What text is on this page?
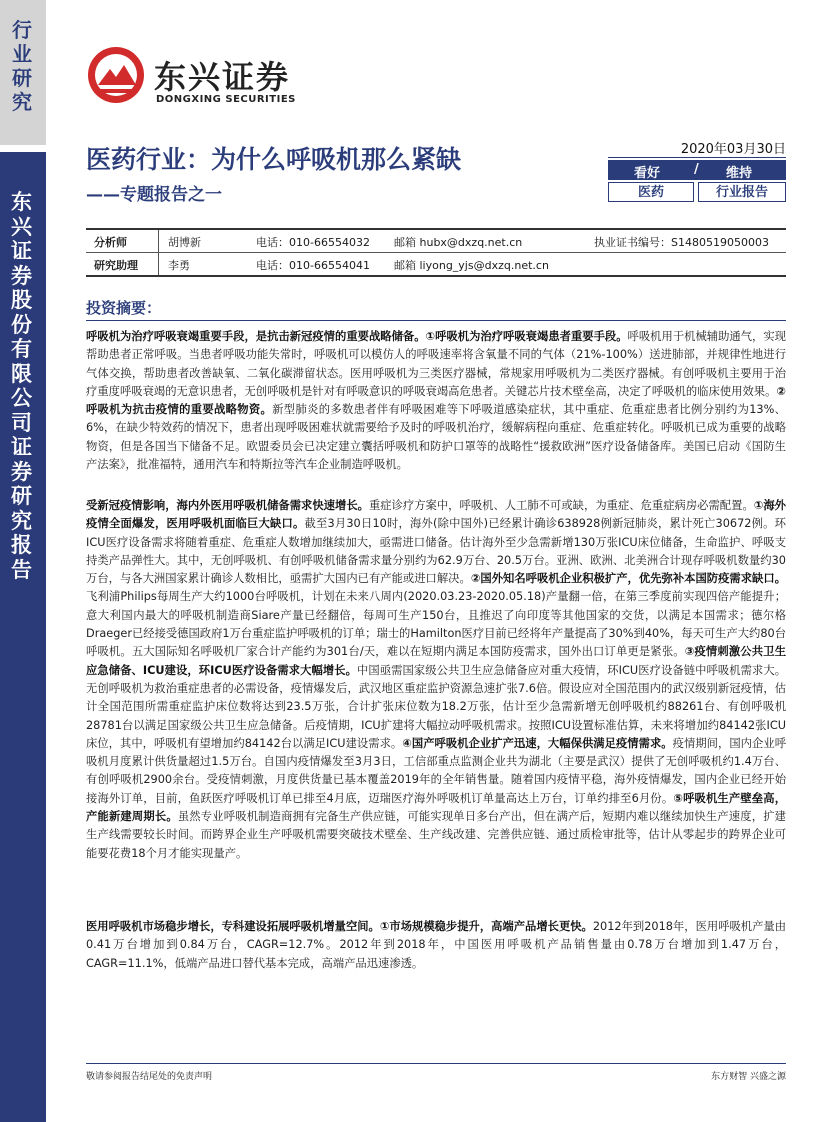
行业研究
东兴证券股份有限公司证券研究报告
东兴证券
DONGXING SECURITIES
医药行业：为什么呼吸机那么紧缺
——专题报告之一
2020年03月30日
看好	/ 维持
医药	行业报告
分析师	胡博新	电话：010-66554032 邮箱 hubx@dxzq.net.cn	执业证书编号：S1480519050003
研究助理	李勇	电话：010-66554041 邮箱 liyong_yjs@dxzq.net.cn
投资摘要：
呼吸机为治疗呼吸衰竭重要手段，是抗击新冠疫情的重要战略储备。①呼吸机为治疗呼吸衰竭患者重要手段。呼吸机用于机械辅助通气，实现帮助患者正常呼吸。当患者呼吸功能失常时，呼吸机可以模仿人的呼吸速率将含氧量不同的气体（21%-100%）送进肺部，并规律性地进行气体交换，帮助患者改善缺氧、二氧化碳滞留状态。医用呼吸机为三类医疗器械，常规家用呼吸机为二类医疗器械。有创呼吸机主要用于治疗重度呼吸衰竭的无意识患者，无创呼吸机是针对有呼吸意识的呼吸衰竭高危患者。关键芯片技术壁垒高，决定了呼吸机的临床使用效果。②呼吸机为抗击疫情的重要战略物资。新型肺炎的多数患者伴有呼吸困难等下呼吸道感染症状，其中重症、危重症患者比例分别约为13%、6%，在缺少特效药的情况下，患者出现呼吸困难状就需要给予及时的呼吸机治疗，缓解病程向重症、危重症转化。呼吸机已成为重要的战略物资，但是各国当下储备不足。欧盟委员会已决定建立囊括呼吸机和防护口罩等的战略性“援救欧洲”医疗设备储备库。美国已启动《国防生产法案》，批准福特，通用汽车和特斯拉等汽车企业制造呼吸机。
受新冠疫情影响，海内外医用呼吸机储备需求快速增长。重症诊疗方案中，呼吸机、人工肺不可或缺，为重症、危重症病房必需配置。①海外疫情全面爆发，医用呼吸机面临巨大缺口。截至3月30日10时，海外(除中国外)已经累计确诊638928例新冠肺炎，累计死亡30672例。环ICU医疗设备需求将随着重症、危重症人数增加继续加大，亟需进口储备。估计海外至少急需新增130万张ICU床位储备，生命监护、呼吸支持类产品弹性大。其中，无创呼吸机、有创呼吸机储备需求量分别约为62.9万台、20.5万台。亚洲、欧洲、北美洲合计现存呼吸机数量约30万台，与各大洲国家累计确诊人数相比，亟需扩大国内已有产能或进口解决。②国外知名呼吸机企业积极扩产，优先弥补本国防疫需求缺口。飞利浦Philips每周生产大约1000台呼吸机，计划在未来八周内(2020.03.23-2020.05.18)产量翻一倍，在第三季度前实现四倍产能提升；意大利国内最大的呼吸机制造商Siare产量已经翻倍，每周可生产150台，且推迟了向印度等其他国家的交货，以满足本国需求；德尔格Draeger已经接受德国政府1万台重症监护呼吸机的订单；瑞士的Hamilton医疗目前已经将年产量提高了30%到40%，每天可生产大约80台呼吸机。五大国际知名呼吸机厂家合计产能约为301台/天，难以在短期内满足本国防疫需求，国外出口订单更是紧张。③疫情刺激公共卫生应急储备、ICU建设，环ICU医疗设备需求大幅增长。中国亟需国家级公共卫生应急储备应对重大疫情，环ICU医疗设备链中呼吸机需求大。无创呼吸机为救治重症患者的必需设备，疫情爆发后，武汉地区重症监护资源急速扩张7.6倍。假设应对全国范围内的武汉级别新冠疫情，估计全国范围所需重症监护床位数将达到23.5万张，合计扩张床位数为18.2万张，估计至少急需新增无创呼吸机约88261台、有创呼吸机28781台以满足国家级公共卫生应急储备。后疫情期，ICU扩建将大幅拉动呼吸机需求。按照ICU设置标准估算，未来将增加约84142张ICU床位，其中，呼吸机有望增加约84142台以满足ICU建设需求。④国产呼吸机企业扩产迅速，大幅保供满足疫情需求。疫情期间，国内企业呼吸机月度累计供货量超过1.5万台。自国内疫情爆发至3月3日，工信部重点监测企业共为湖北（主要是武汉）提供了无创呼吸机约1.4万台、有创呼吸机2900余台。受疫情刺激，月度供货量已基本覆盖2019年的全年销售量。随着国内疫情平稳，海外疫情爆发，国内企业已经开始接海外订单，目前，鱼跃医疗呼吸机订单已排至4月底，迈瑞医疗海外呼吸机订单量高达上万台，订单约排至6月份。⑤呼吸机生产壁垒高，产能新建周期长。虽然专业呼吸机制造商拥有完备生产供应链，可能实现单日多台产出，但在满产后，短期内难以继续加快生产速度，扩建生产线需要较长时间。而跨界企业生产呼吸机需要突破技术壁垒、生产线改建、完善供应链、通过质检审批等，估计从零起步的跨界企业可能要花费18个月才能实现量产。
医用呼吸机市场稳步增长，专科建设拓展呼吸机增量空间。①市场规模稳步提升，高端产品增长更快。2012年到2018年，医用呼吸机产量由0.41万台增加到0.84万台，CAGR=12.7%。2012年到2018年，中国医用呼吸机产品销售量由0.78万台增加到1.47万台，CAGR=11.1%，低端产品进口替代基本完成，高端产品迅速渗透。
敬请参阅报告结尾处的免责声明	东方财智 兴盛之源
